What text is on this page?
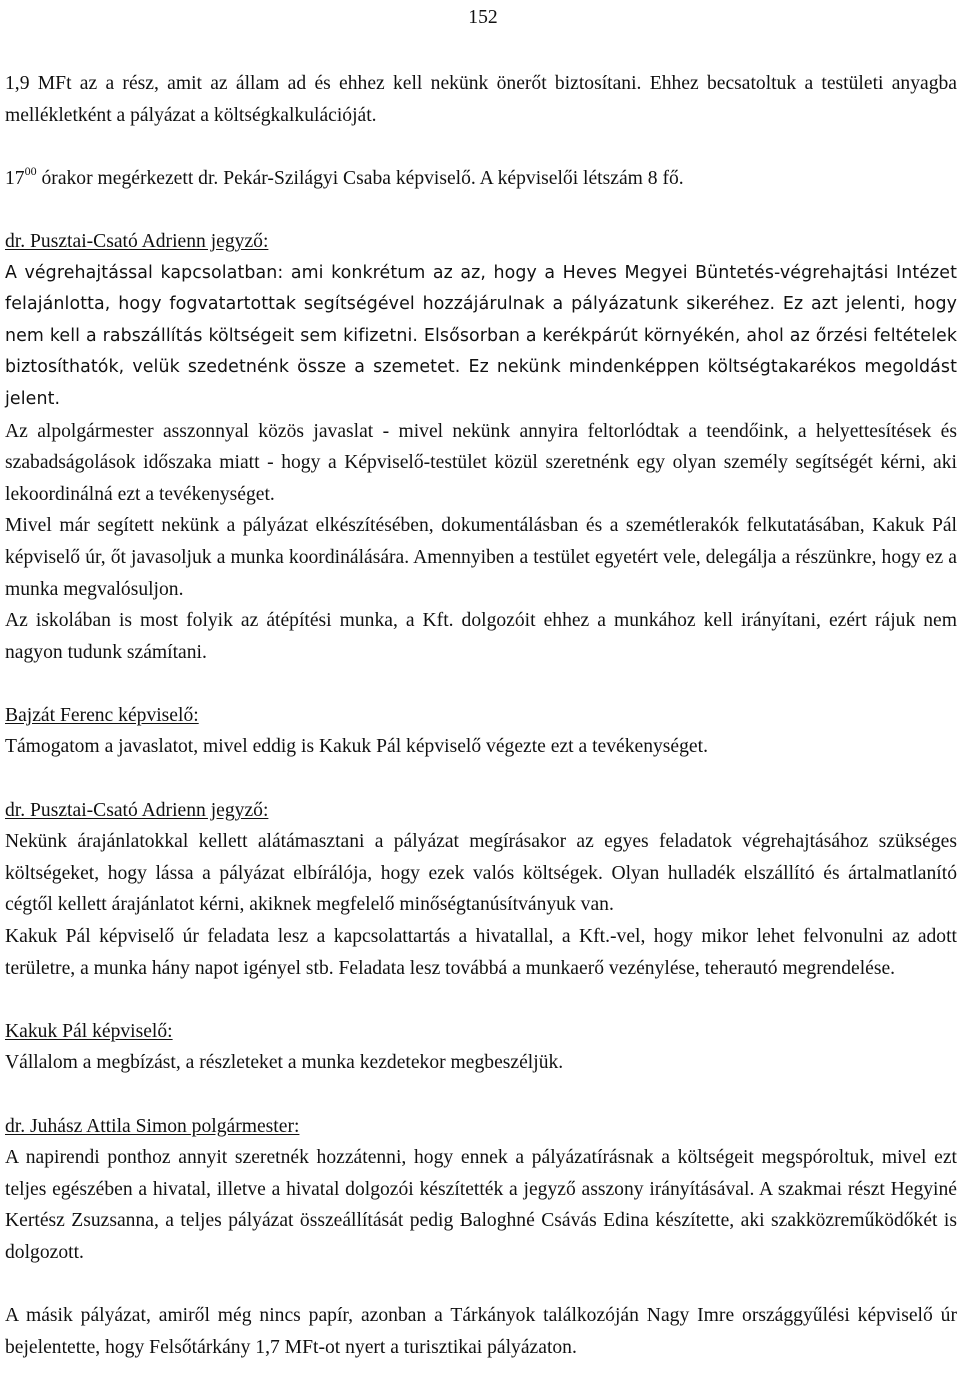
152

1,9 MFt az a rész, amit az állam ad és ehhez kell nekünk önerőt biztosítani. Ehhez becsatoltuk a testületi anyagba mellékletként a pályázat a költségkalkulációját.

$17^{00}$ órakor megérkezett dr. Pekár-Szilágyi Csaba képviselő. A képviselői létszám 8 fő.

dr. Pusztai-Csató Adrienn jegyző:

A végrehajtással kapcsolatban: ami konkrétum az az, hogy a Heves Megyei Büntetés-végrehajtási Intézet felajánlotta, hogy fogvatartottak segítségével hozzájárulnak a pályázatunk sikeréhez. Ez azt jelenti, hogy nem kell a rabszállítás költségeit sem kifizetni. Elsősorban a kerékpárút környékén, ahol az őrzési feltételek biztosíthatók, velük szedetnénk össze a szemetet. Ez nekünk mindenképpen költségtakarékos megoldást jelent.

Az alpolgármester asszonnyal közös javaslat - mivel nekünk annyira feltorlódtak a teendőink, a helyettesítések és szabadságolások időszaka miatt - hogy a Képviselő-testület közül szeretnénk egy olyan személy segítségét kérni, aki lekoordinálná ezt a tevékenységet.

Mivel már segített nekünk a pályázat elkészítésében, dokumentálásban és a szemétlerakók felkutatásában, Kakuk Pál képviselő úr, őt javasoljuk a munka koordinálására. Amennyiben a testület egyetért vele, delegálja a részünkre, hogy ez a munka megvalósuljon.

Az iskolában is most folyik az átépítési munka, a Kft. dolgozóit ehhez a munkához kell irányítani, ezért rájuk nem nagyon tudunk számítani.

Bajzát Ferenc képviselő:

Támogatom a javaslatot, mivel eddig is Kakuk Pál képviselő végezte ezt a tevékenységet.

dr. Pusztai-Csató Adrienn jegyző:

Nekünk árajánlatokkal kellett alátámasztani a pályázat megírásakor az egyes feladatok végrehajtásához szükséges költségeket, hogy lássa a pályázat elbírálója, hogy ezek valós költségek. Olyan hulladék elszállító és ártalmatlanító cégtől kellett árajánlatot kérni, akiknek megfelelő minőségtanúsítványuk van.

Kakuk Pál képviselő úr feladata lesz a kapcsolattartás a hivatallal, a Kft.-vel, hogy mikor lehet felvonulni az adott területre, a munka hány napot igényel stb. Feladata lesz továbbá a munkaerő vezénylése, teherautó megrendelése.

Kakuk Pál képviselő:

Vállalom a megbízást, a részleteket a munka kezdetekor megbeszéljük.

dr. Juhász Attila Simon polgármester:

A napirendi ponthoz annyit szeretnék hozzátenni, hogy ennek a pályázatírásnak a költségeit megspóroltuk, mivel ezt teljes egészében a hivatal, illetve a hivatal dolgozói készítették a jegyző asszony irányításával. A szakmai részt Hegyiné Kertész Zsuzsanna, a teljes pályázat összeállítását pedig Baloghné Csávás Edina készítette, aki szakközreműködőkét is dolgozott.

A másik pályázat, amiről még nincs papír, azonban a Tárkányok találkozóján Nagy Imre országgyűlési képviselő úr bejelentette, hogy Felsőtárkány 1,7 MFt-ot nyert a turisztikai pályázaton.
